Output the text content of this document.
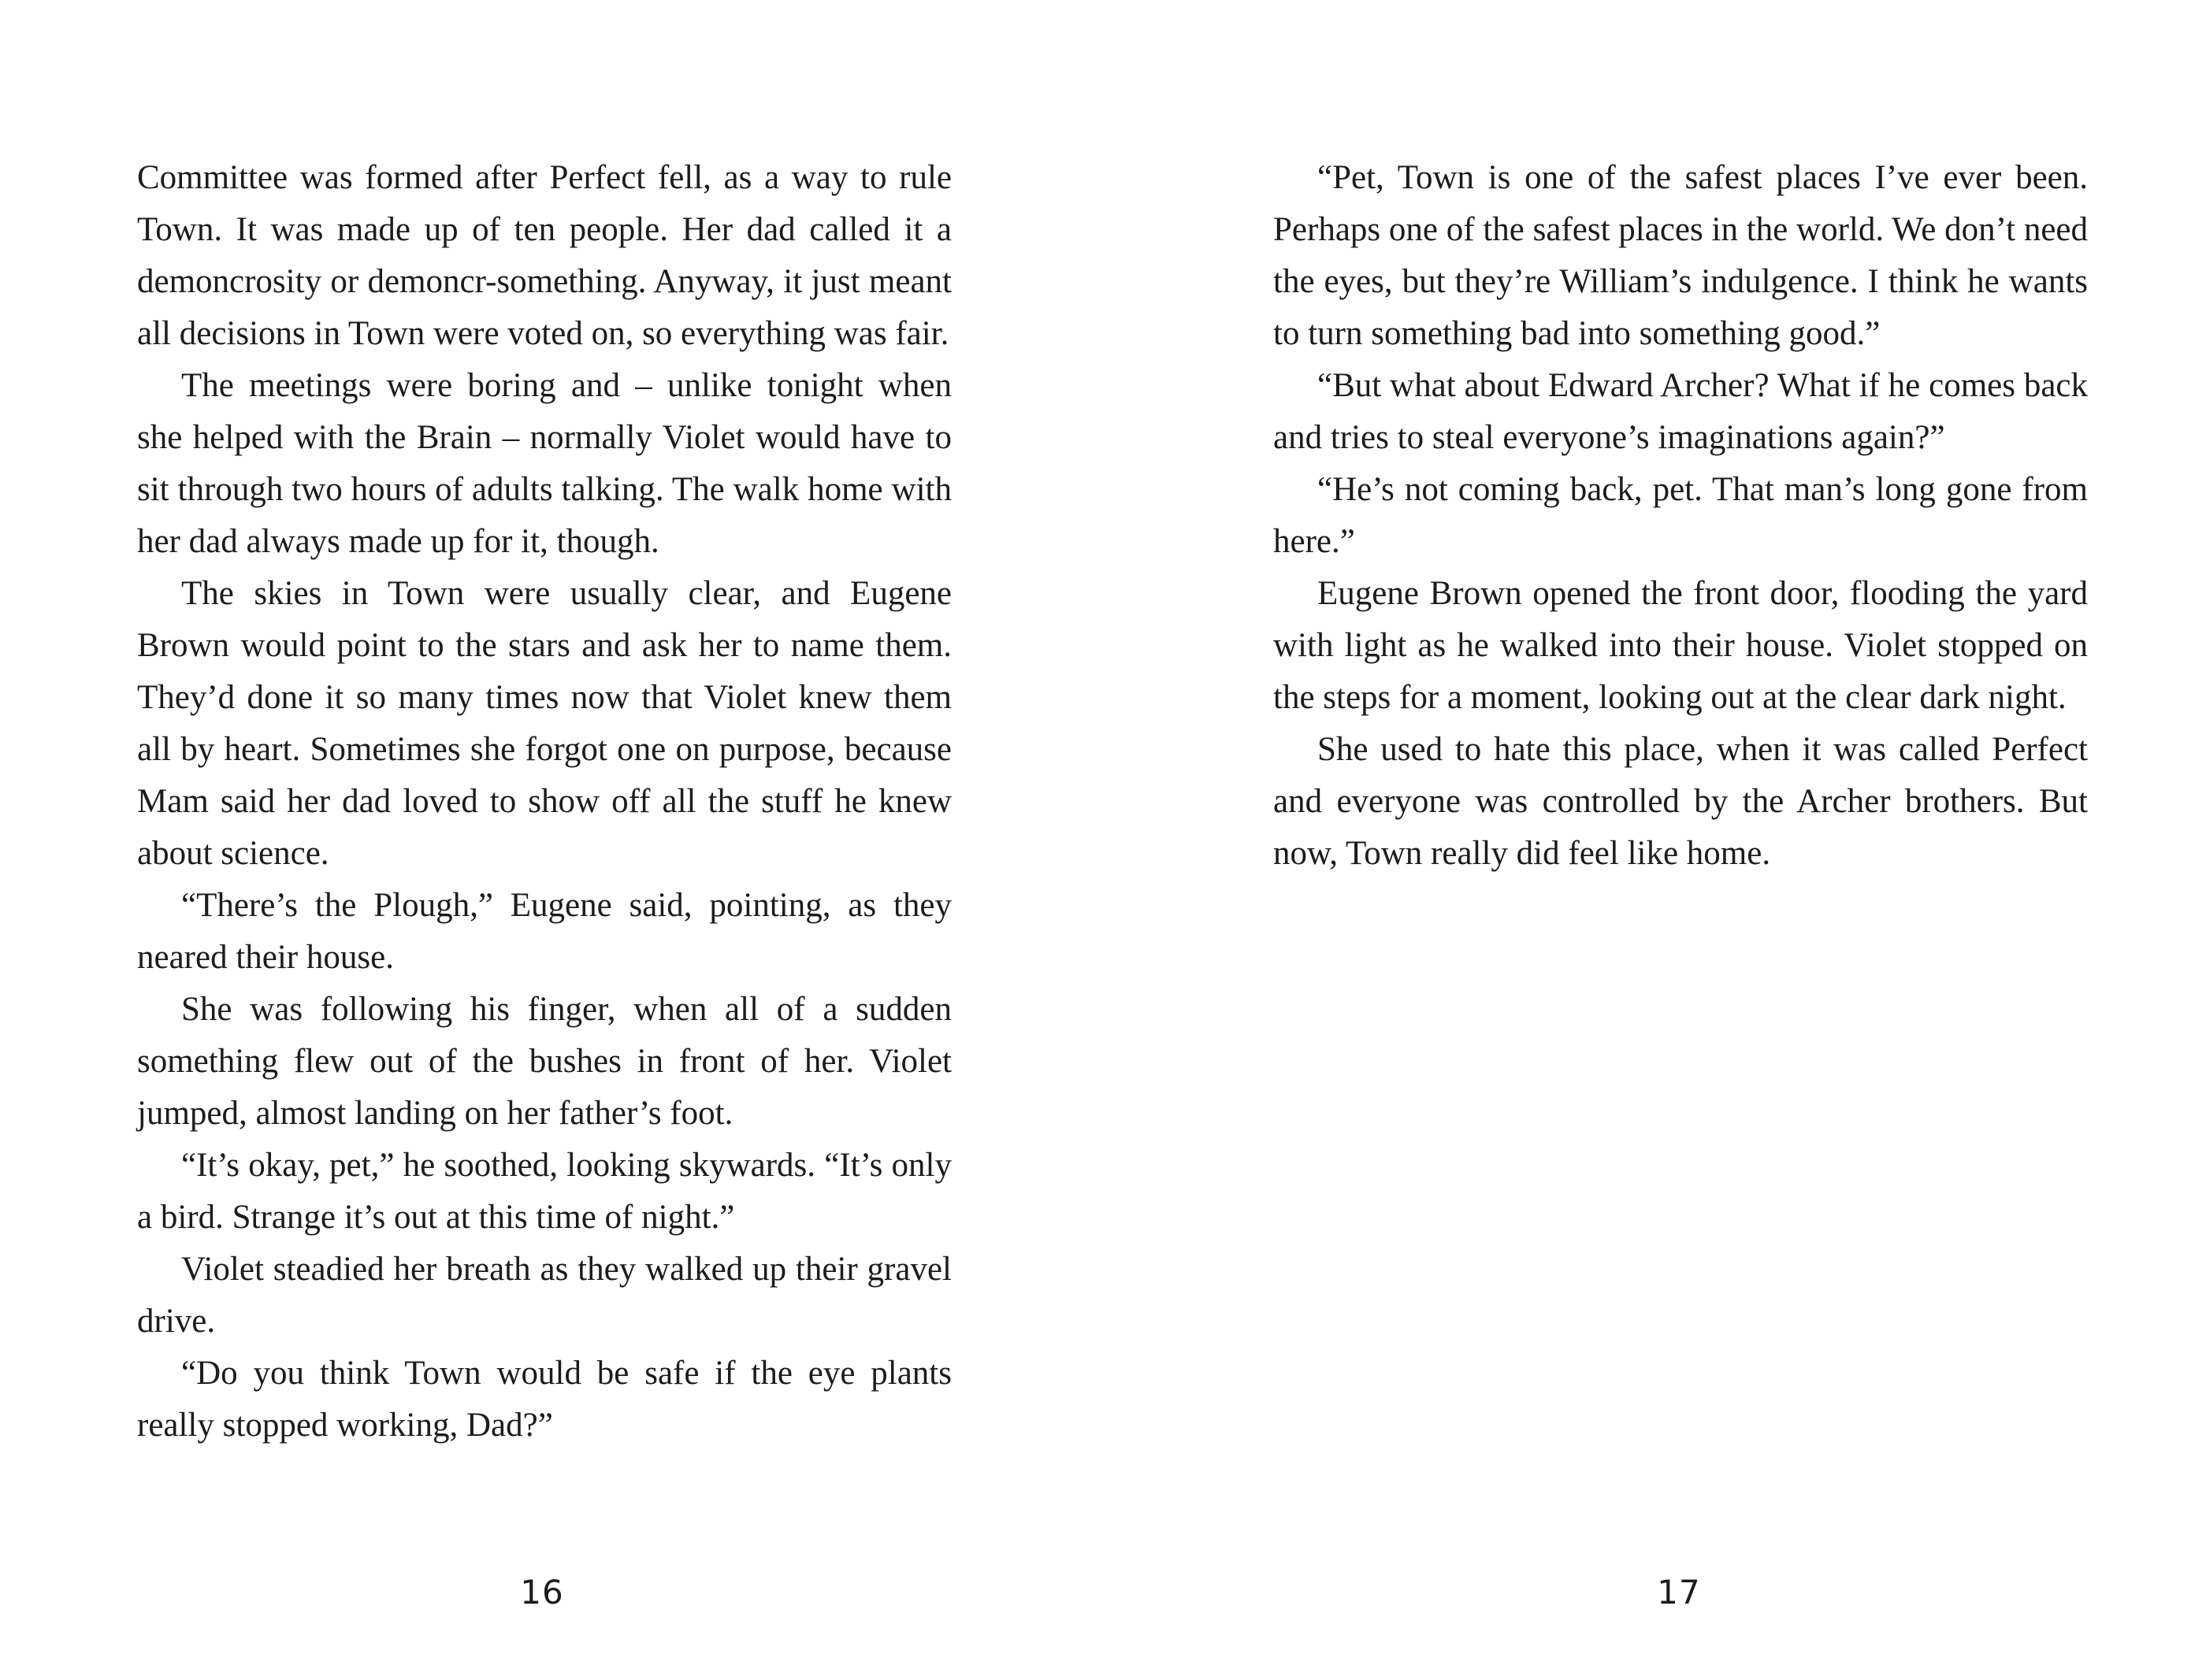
Committee was formed after Perfect fell, as a way to rule Town. It was made up of ten people. Her dad called it a demoncrosity or demoncr-something. Anyway, it just meant all decisions in Town were voted on, so everything was fair.

The meetings were boring and – unlike tonight when she helped with the Brain – normally Violet would have to sit through two hours of adults talking. The walk home with her dad always made up for it, though.

The skies in Town were usually clear, and Eugene Brown would point to the stars and ask her to name them. They’d done it so many times now that Violet knew them all by heart. Sometimes she forgot one on purpose, because Mam said her dad loved to show off all the stuff he knew about science.

“There’s the Plough,” Eugene said, pointing, as they neared their house.

She was following his finger, when all of a sudden something flew out of the bushes in front of her. Violet jumped, almost landing on her father’s foot.

“It’s okay, pet,” he soothed, looking skywards. “It’s only a bird. Strange it’s out at this time of night.”

Violet steadied her breath as they walked up their gravel drive.

“Do you think Town would be safe if the eye plants really stopped working, Dad?”

16

“Pet, Town is one of the safest places I’ve ever been. Perhaps one of the safest places in the world. We don’t need the eyes, but they’re William’s indulgence. I think he wants to turn something bad into something good.”

“But what about Edward Archer? What if he comes back and tries to steal everyone’s imaginations again?”

“He’s not coming back, pet. That man’s long gone from here.”

Eugene Brown opened the front door, flooding the yard with light as he walked into their house. Violet stopped on the steps for a moment, looking out at the clear dark night.

She used to hate this place, when it was called Perfect and everyone was controlled by the Archer brothers. But now, Town really did feel like home.

17
